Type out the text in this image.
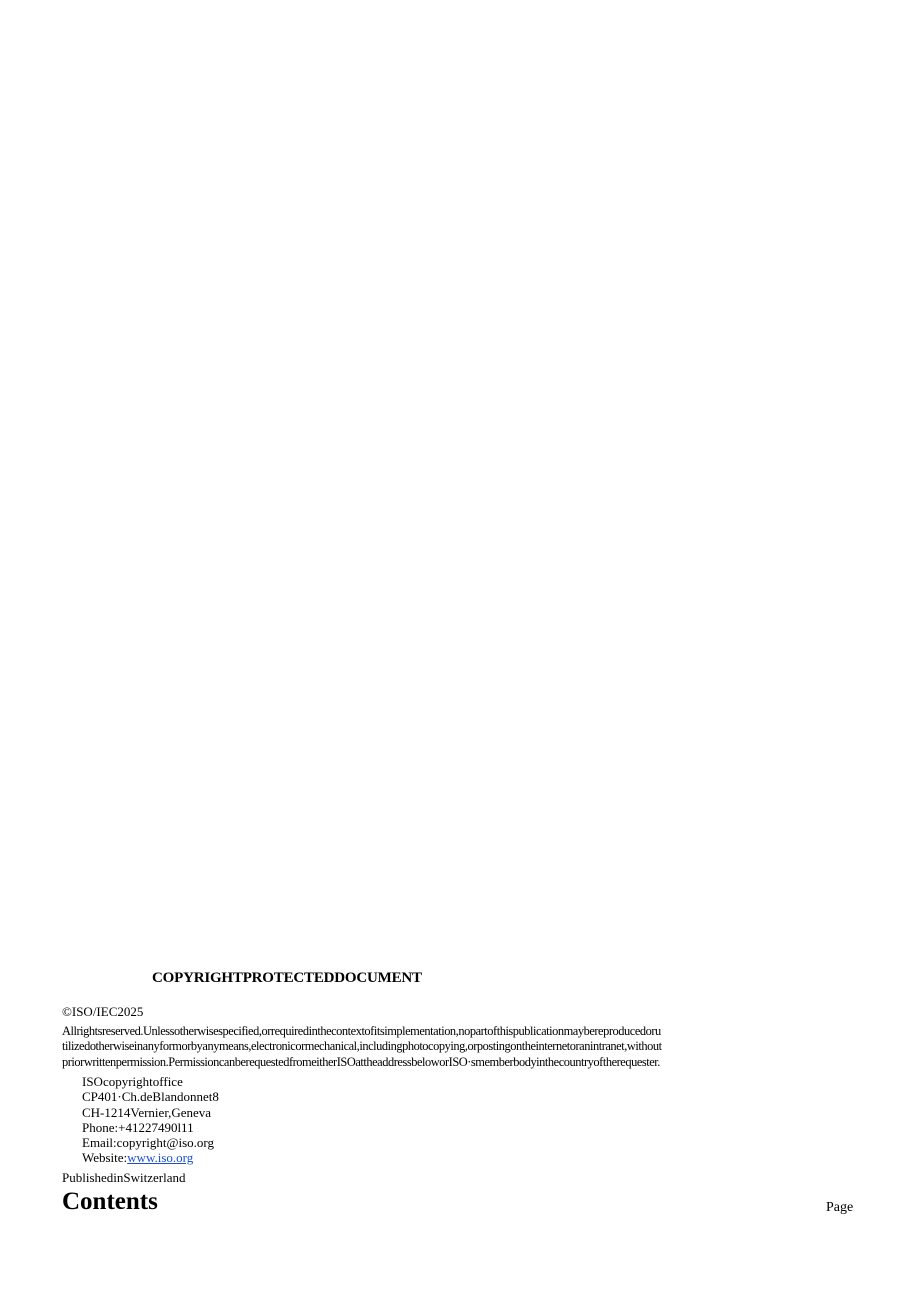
COPYRIGHTPROTECTEDDOCUMENT
©ISO/IEC2025
Allrightsreserved.Unlessotherwisespecified,orrequiredinthecontextofitsimplementation,nopartofthispublicationmaybereproducedoru
tilizedotherwiseinanyformorbyanymeans,electronicormechanical,includingphotocopying,orpostingontheinternetoranintranet,without
priorwrittenpermission.PermissioncanberequestedfromeitherISOattheaddressbeloworISO·smemberbodyinthecountryoftherequester.
ISOcopyrightoffice
CP401·Ch.deBlandonnet8
CH-1214Vernier,Geneva
Phone:+41227490l11
Email:copyright@iso.org
Website:www.iso.org
PublishedinSwitzerland
Contents	Page
